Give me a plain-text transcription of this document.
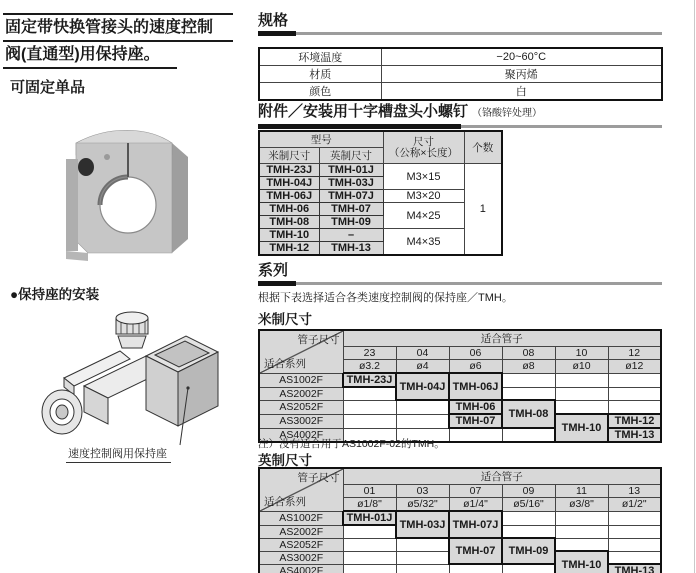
固定带快换管接头的速度控制
阀(直通型)用保持座。
可固定单品
●保持座的安装
速度控制阀用保持座
规格
环境温度	−20~60°C
材质	聚丙烯
颜色	白
附件／安装用十字槽盘头小螺钉 （铬酸锌处理）
型号		尺寸
（公称×长度）	个数
米制尺寸	英制尺寸		
TMH-23J	TMH-01J	M3×15	1
TMH-04J	TMH-03J		
TMH-06J	TMH-07J	M3×20	
TMH-06	TMH-07	M4×25	
TMH-08	TMH-09		
TMH-10	–	M4×35	
TMH-12	TMH-13		
系列
根据下表选择适合各类速度控制阀的保持座／TMH。
米制尺寸
管子尺寸
适合系列	适合管子					
	23	04	06	08	10	12
	ø3.2	ø4	ø6	ø8	ø10	ø12
AS1002F	TMH-23J	TMH-04J	TMH-06J			
AS2002F						
AS2052F			TMH-06	TMH-08		
AS3002F			TMH-07		TMH-10	TMH-12
AS4002F						TMH-13
注）没有适合用于AS1002F-02的TMH。
英制尺寸
管子尺寸
适合系列	适合管子					
	01	03	07	09	11	13
	ø1/8"	ø5/32"	ø1/4"	ø5/16"	ø3/8"	ø1/2"
AS1002F	TMH-01J	TMH-03J	TMH-07J			
AS2002F						
AS2052F			TMH-07	TMH-09		
AS3002F					TMH-10	
AS4002F						TMH-13
